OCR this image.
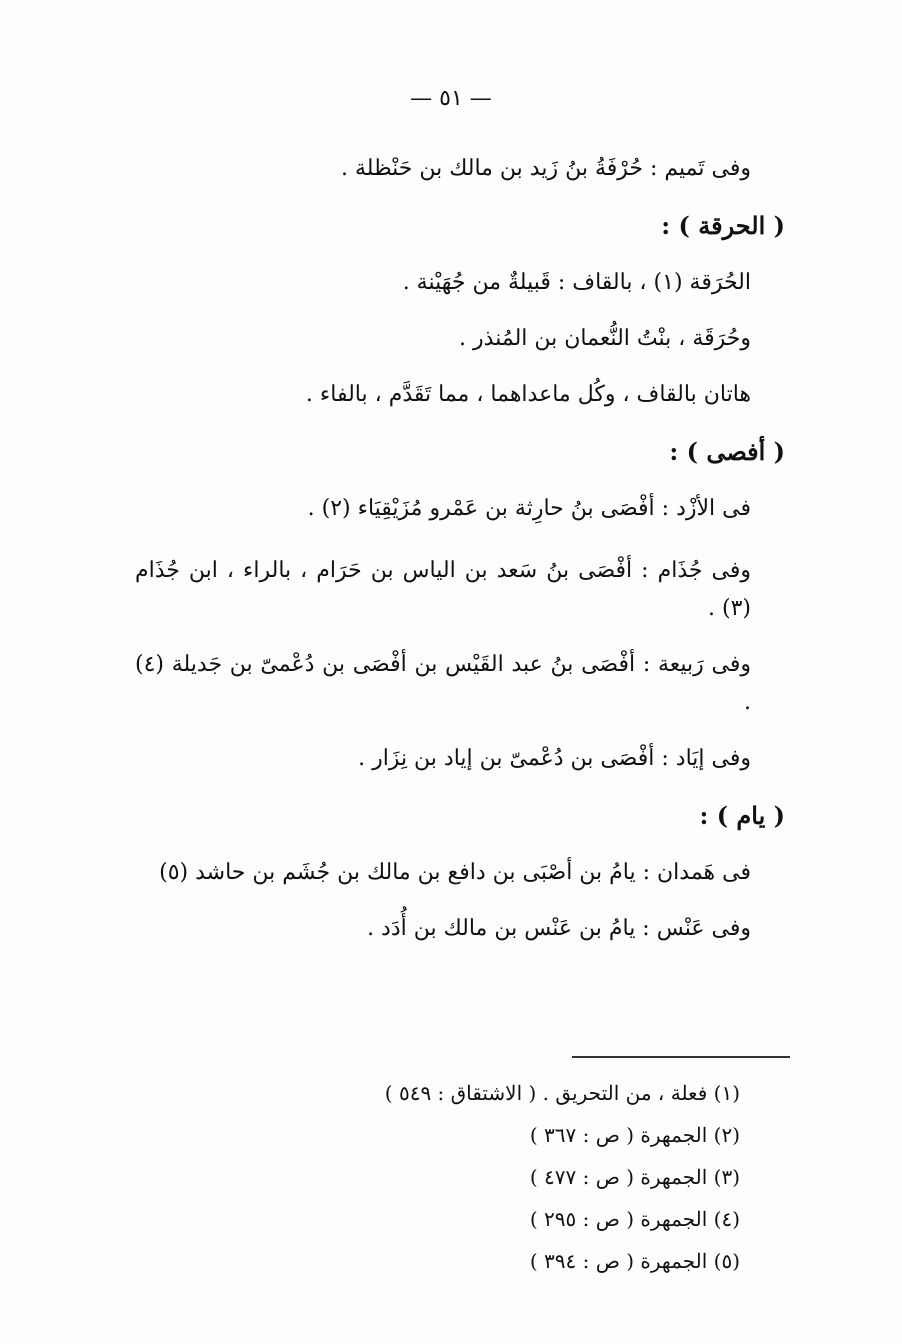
— ٥١ —

وفى تَميم : حُرْفَةُ بنُ زَيد بن مالك بن حَنْظلة .

( الحرقة ) :

الحُرَقة (١) ، بالقاف : قَبيلةٌ من جُهَيْنة .

وحُرَقَة ، بنْتُ النُّعمان بن المُنذر .

هاتان بالقاف ، وكُل ماعداهما ، مما تَقَدَّم ، بالفاء .

( أفصى ) :

فى الأزْد : أفْصَى بنُ حارِثة بن عَمْرو مُزَيْقِيَاء (٢) .

وفى جُذَام : أفْصَى بنُ سَعد بن الياس بن حَرَام ، بالراء ، ابن جُذَام (٣) .

وفى رَبيعة : أفْصَى بنُ عبد القَيْس بن أفْصَى بن دُعْمىّ بن جَديلة (٤) .

وفى إيَاد : أفْصَى بن دُعْمىّ بن إياد بن نِزَار .

( يام ) :

فى هَمدان : يامُ بن أصْبَى بن دافع بن مالك بن جُشَم بن حاشد (٥)

وفى عَنْس : يامُ بن عَنْس بن مالك بن أُدَد .

(١) فعلة ، من التحريق . ( الاشتقاق : ٥٤٩ )

(٢) الجمهرة ( ص : ٣٦٧ )

(٣) الجمهرة ( ص : ٤٧٧ )

(٤) الجمهرة ( ص : ٢٩٥ )

(٥) الجمهرة ( ص : ٣٩٤ )
